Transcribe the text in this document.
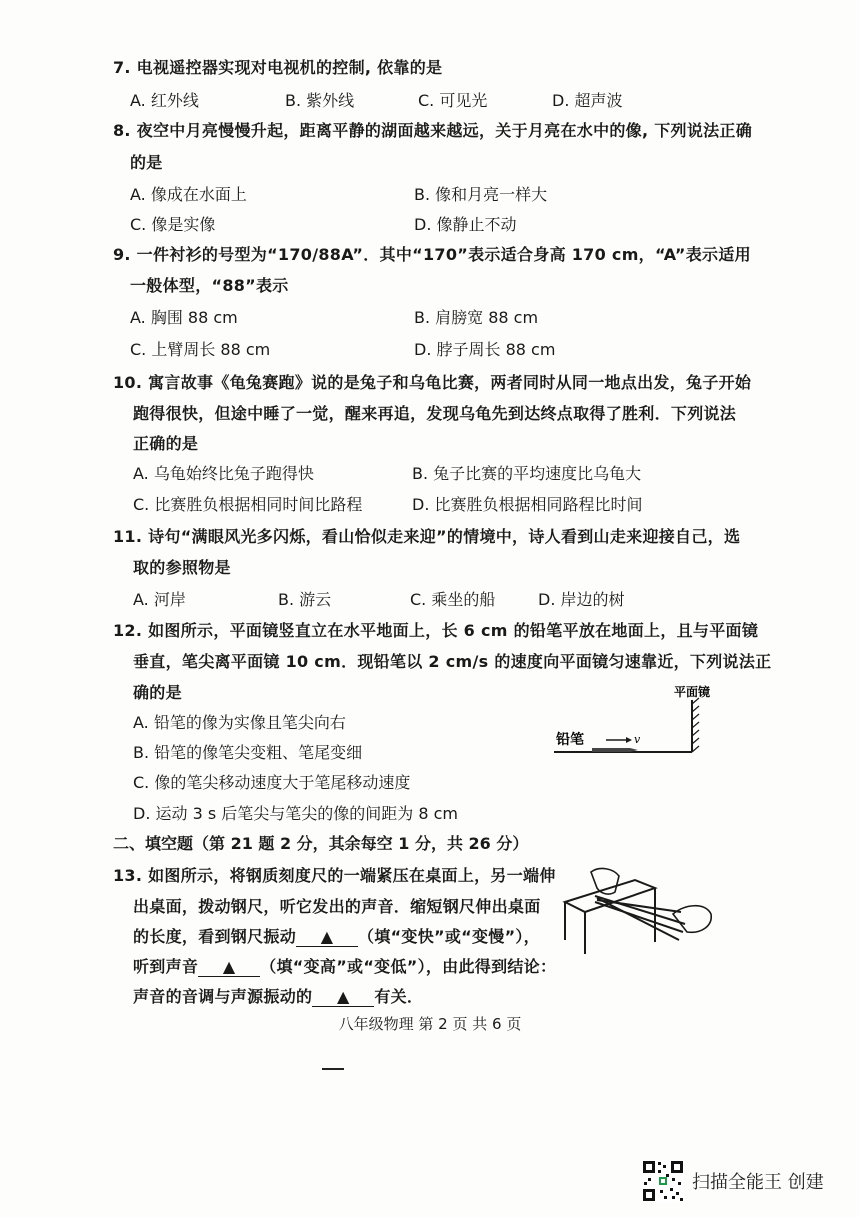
7. 电视遥控器实现对电视机的控制, 依靠的是
A. 红外线	B. 紫外线	C. 可见光	D. 超声波
8. 夜空中月亮慢慢升起，距离平静的湖面越来越远，关于月亮在水中的像, 下列说法正确
的是
A. 像成在水面上	B. 像和月亮一样大
C. 像是实像	D. 像静止不动
9. 一件衬衫的号型为“170/88A”．其中“170”表示适合身高 170 cm，“A”表示适用
一般体型，“88”表示
A. 胸围 88 cm	B. 肩膀宽 88 cm
C. 上臂周长 88 cm	D. 脖子周长 88 cm
10. 寓言故事《龟兔赛跑》说的是兔子和乌龟比赛，两者同时从同一地点出发，兔子开始
跑得很快，但途中睡了一觉，醒来再追，发现乌龟先到达终点取得了胜利．下列说法
正确的是
A. 乌龟始终比兔子跑得快	B. 兔子比赛的平均速度比乌龟大
C. 比赛胜负根据相同时间比路程	D. 比赛胜负根据相同路程比时间
11. 诗句“满眼风光多闪烁，看山恰似走来迎”的情境中，诗人看到山走来迎接自己，选
取的参照物是
A. 河岸	B. 游云	C. 乘坐的船	D. 岸边的树
12. 如图所示，平面镜竖直立在水平地面上，长 6 cm 的铅笔平放在地面上，且与平面镜
垂直，笔尖离平面镜 10 cm．现铅笔以 2 cm/s 的速度向平面镜匀速靠近，下列说法正
确的是
A. 铅笔的像为实像且笔尖向右
B. 铅笔的像笔尖变粗、笔尾变细
C. 像的笔尖移动速度大于笔尾移动速度
D. 运动 3 s 后笔尖与笔尖的像的间距为 8 cm
平面镜
铅笔	v
二、填空题（第 21 题 2 分，其余每空 1 分，共 26 分）
13. 如图所示，将钢质刻度尺的一端紧压在桌面上，另一端伸
出桌面，拨动钢尺，听它发出的声音．缩短钢尺伸出桌面
的长度，看到钢尺振动 ▲ （填“变快”或“变慢”），
听到声音 ▲ （填“变高”或“变低”），由此得到结论：
声音的音调与声源振动的 ▲ 有关．
八年级物理 第 2 页 共 6 页
扫描全能王 创建
